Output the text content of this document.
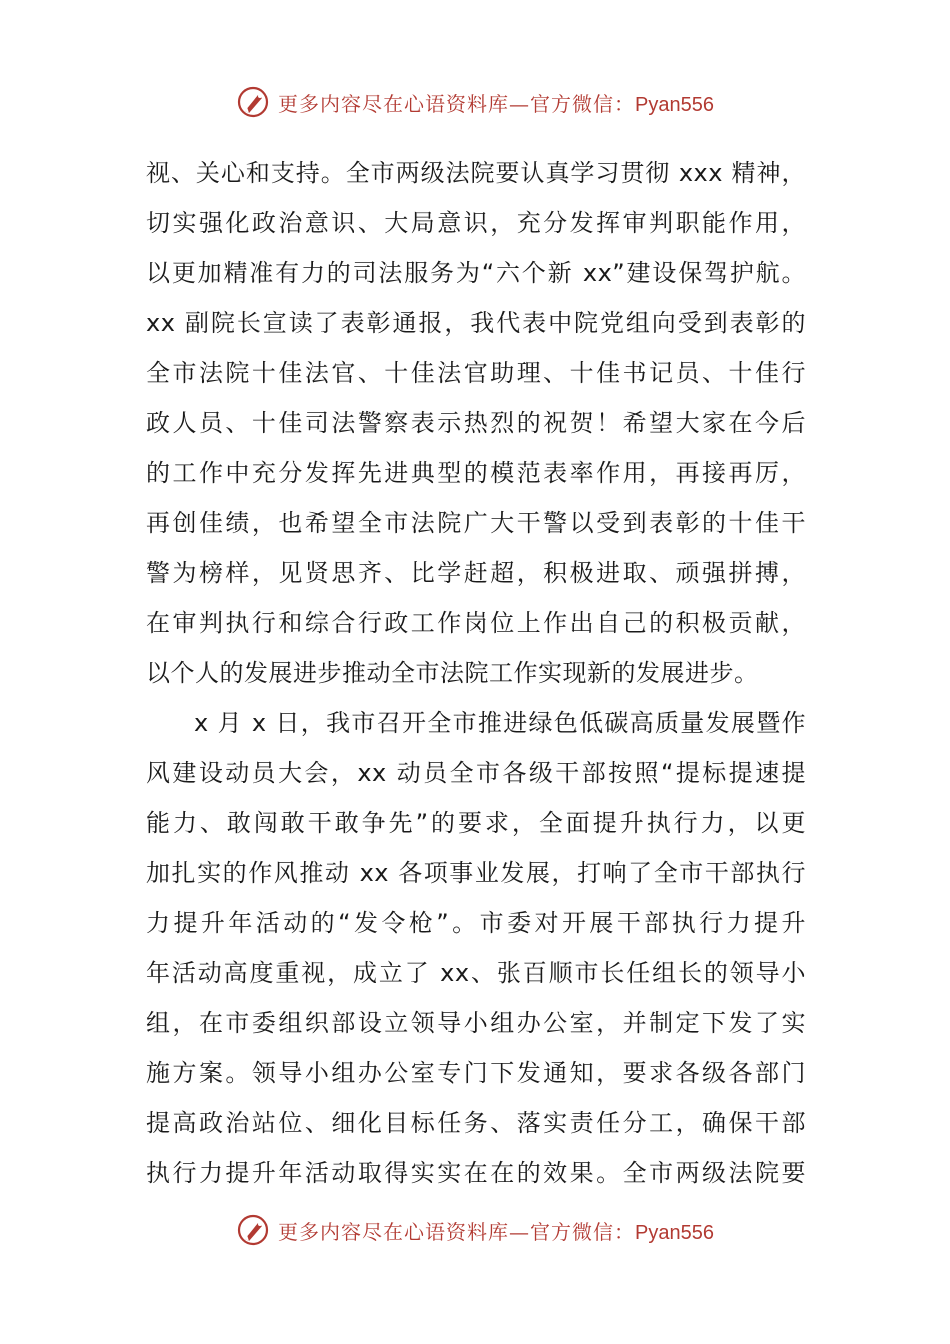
更多内容尽在心语资料库—官方微信：Pyan556
视、关心和支持。全市两级法院要认真学习贯彻 xxx 精神，
切实强化政治意识、大局意识，充分发挥审判职能作用，
以更加精准有力的司法服务为“六个新 xx”建设保驾护航。
xx 副院长宣读了表彰通报，我代表中院党组向受到表彰的
全市法院十佳法官、十佳法官助理、十佳书记员、十佳行
政人员、十佳司法警察表示热烈的祝贺！希望大家在今后
的工作中充分发挥先进典型的模范表率作用，再接再厉，
再创佳绩，也希望全市法院广大干警以受到表彰的十佳干
警为榜样，见贤思齐、比学赶超，积极进取、顽强拼搏，
在审判执行和综合行政工作岗位上作出自己的积极贡献，
以个人的发展进步推动全市法院工作实现新的发展进步。
x 月 x 日，我市召开全市推进绿色低碳高质量发展暨作
风建设动员大会，xx 动员全市各级干部按照“提标提速提
能力、敢闯敢干敢争先”的要求，全面提升执行力，以更
加扎实的作风推动 xx 各项事业发展，打响了全市干部执行
力提升年活动的“发令枪”。市委对开展干部执行力提升
年活动高度重视，成立了 xx、张百顺市长任组长的领导小
组，在市委组织部设立领导小组办公室，并制定下发了实
施方案。领导小组办公室专门下发通知，要求各级各部门
提高政治站位、细化目标任务、落实责任分工，确保干部
执行力提升年活动取得实实在在的效果。全市两级法院要
更多内容尽在心语资料库—官方微信：Pyan556
